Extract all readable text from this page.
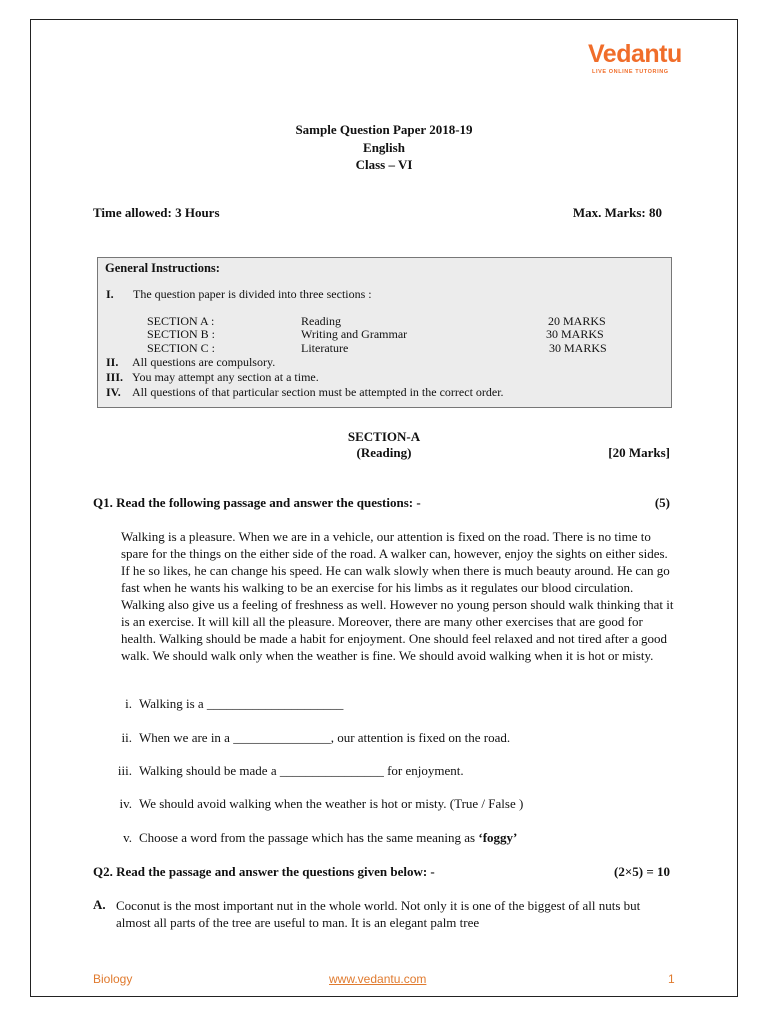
Vedantu
LIVE ONLINE TUTORING
Sample Question Paper 2018-19
English
Class – VI
Time allowed: 3 Hours	Max. Marks: 80
General Instructions:
I. The question paper is divided into three sections :
SECTION A :	Reading	20 MARKS
SECTION B :	Writing and Grammar	30 MARKS
SECTION C :	Literature	30 MARKS
II. All questions are compulsory.
III. You may attempt any section at a time.
IV. All questions of that particular section must be attempted in the correct order.
SECTION-A
(Reading)	[20 Marks]
Q1. Read the following passage and answer the questions: -	(5)

Walking is a pleasure. When we are in a vehicle, our attention is fixed on the road. There is no time to spare for the things on the either side of the road. A walker can, however, enjoy the sights on either sides. If he so likes, he can change his speed. He can walk slowly when there is much beauty around. He can go fast when he wants his walking to be an exercise for his limbs as it regulates our blood circulation. Walking also give us a feeling of freshness as well. However no young person should walk thinking that it is an exercise. It will kill all the pleasure. Moreover, there are many other exercises that are good for health. Walking should be made a habit for enjoyment. One should feel relaxed and not tired after a good walk. We should walk only when the weather is fine. We should avoid walking when it is hot or misty.

i. Walking is a _____________________
ii. When we are in a _______________, our attention is fixed on the road.
iii. Walking should be made a ________________ for enjoyment.
iv. We should avoid walking when the weather is hot or misty. (True / False )
v. Choose a word from the passage which has the same meaning as ‘foggy’
Q2. Read the passage and answer the questions given below: -	(2×5) = 10
A. Coconut is the most important nut in the whole world. Not only it is one of the biggest of all nuts but almost all parts of the tree are useful to man. It is an elegant palm tree
Biology	www.vedantu.com	1
